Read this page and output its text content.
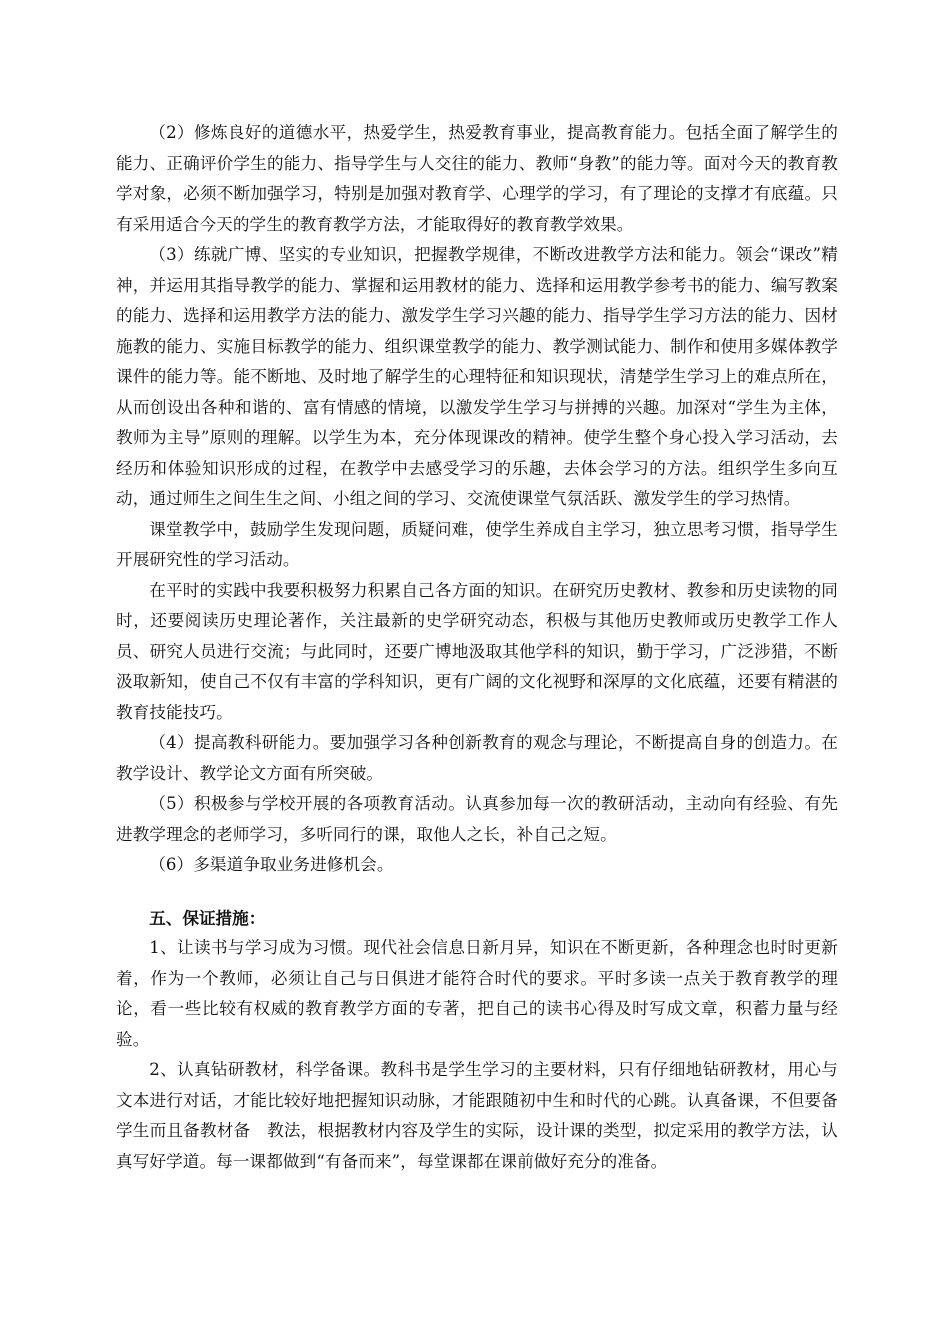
（2）修炼良好的道德水平，热爱学生，热爱教育事业，提高教育能力。包括全面了解学生的能力、正确评价学生的能力、指导学生与人交往的能力、教师“身教”的能力等。面对今天的教育教学对象，必须不断加强学习，特别是加强对教育学、心理学的学习，有了理论的支撑才有底蕴。只有采用适合今天的学生的教育教学方法，才能取得好的教育教学效果。

（3）练就广博、坚实的专业知识，把握教学规律，不断改进教学方法和能力。领会“课改”精神，并运用其指导教学的能力、掌握和运用教材的能力、选择和运用教学参考书的能力、编写教案的能力、选择和运用教学方法的能力、激发学生学习兴趣的能力、指导学生学习方法的能力、因材施教的能力、实施目标教学的能力、组织课堂教学的能力、教学测试能力、制作和使用多媒体教学课件的能力等。能不断地、及时地了解学生的心理特征和知识现状，清楚学生学习上的难点所在，从而创设出各种和谐的、富有情感的情境，以激发学生学习与拼搏的兴趣。加深对“学生为主体，教师为主导”原则的理解。以学生为本，充分体现课改的精神。使学生整个身心投入学习活动，去经历和体验知识形成的过程，在教学中去感受学习的乐趣，去体会学习的方法。组织学生多向互动，通过师生之间生生之间、小组之间的学习、交流使课堂气氛活跃、激发学生的学习热情。

课堂教学中，鼓励学生发现问题，质疑问难，使学生养成自主学习，独立思考习惯，指导学生开展研究性的学习活动。

在平时的实践中我要积极努力积累自己各方面的知识。在研究历史教材、教参和历史读物的同时，还要阅读历史理论著作，关注最新的史学研究动态，积极与其他历史教师或历史教学工作人员、研究人员进行交流；与此同时，还要广博地汲取其他学科的知识，勤于学习，广泛涉猎，不断汲取新知，使自己不仅有丰富的学科知识，更有广阔的文化视野和深厚的文化底蕴，还要有精湛的教育技能技巧。

（4）提高教科研能力。要加强学习各种创新教育的观念与理论，不断提高自身的创造力。在教学设计、教学论文方面有所突破。

（5）积极参与学校开展的各项教育活动。认真参加每一次的教研活动，主动向有经验、有先进教学理念的老师学习，多听同行的课，取他人之长，补自己之短。

（6）多渠道争取业务进修机会。

五、保证措施：

1、让读书与学习成为习惯。现代社会信息日新月异，知识在不断更新，各种理念也时时更新着，作为一个教师，必须让自己与日俱进才能符合时代的要求。平时多读一点关于教育教学的理论，看一些比较有权威的教育教学方面的专著，把自己的读书心得及时写成文章，积蓄力量与经验。

2、认真钻研教材，科学备课。教科书是学生学习的主要材料，只有仔细地钻研教材，用心与文本进行对话，才能比较好地把握知识动脉，才能跟随初中生和时代的心跳。认真备课，不但要备学生而且备教材备　教法，根据教材内容及学生的实际，设计课的类型，拟定采用的教学方法，认真写好学道。每一课都做到“有备而来”，每堂课都在课前做好充分的准备。
